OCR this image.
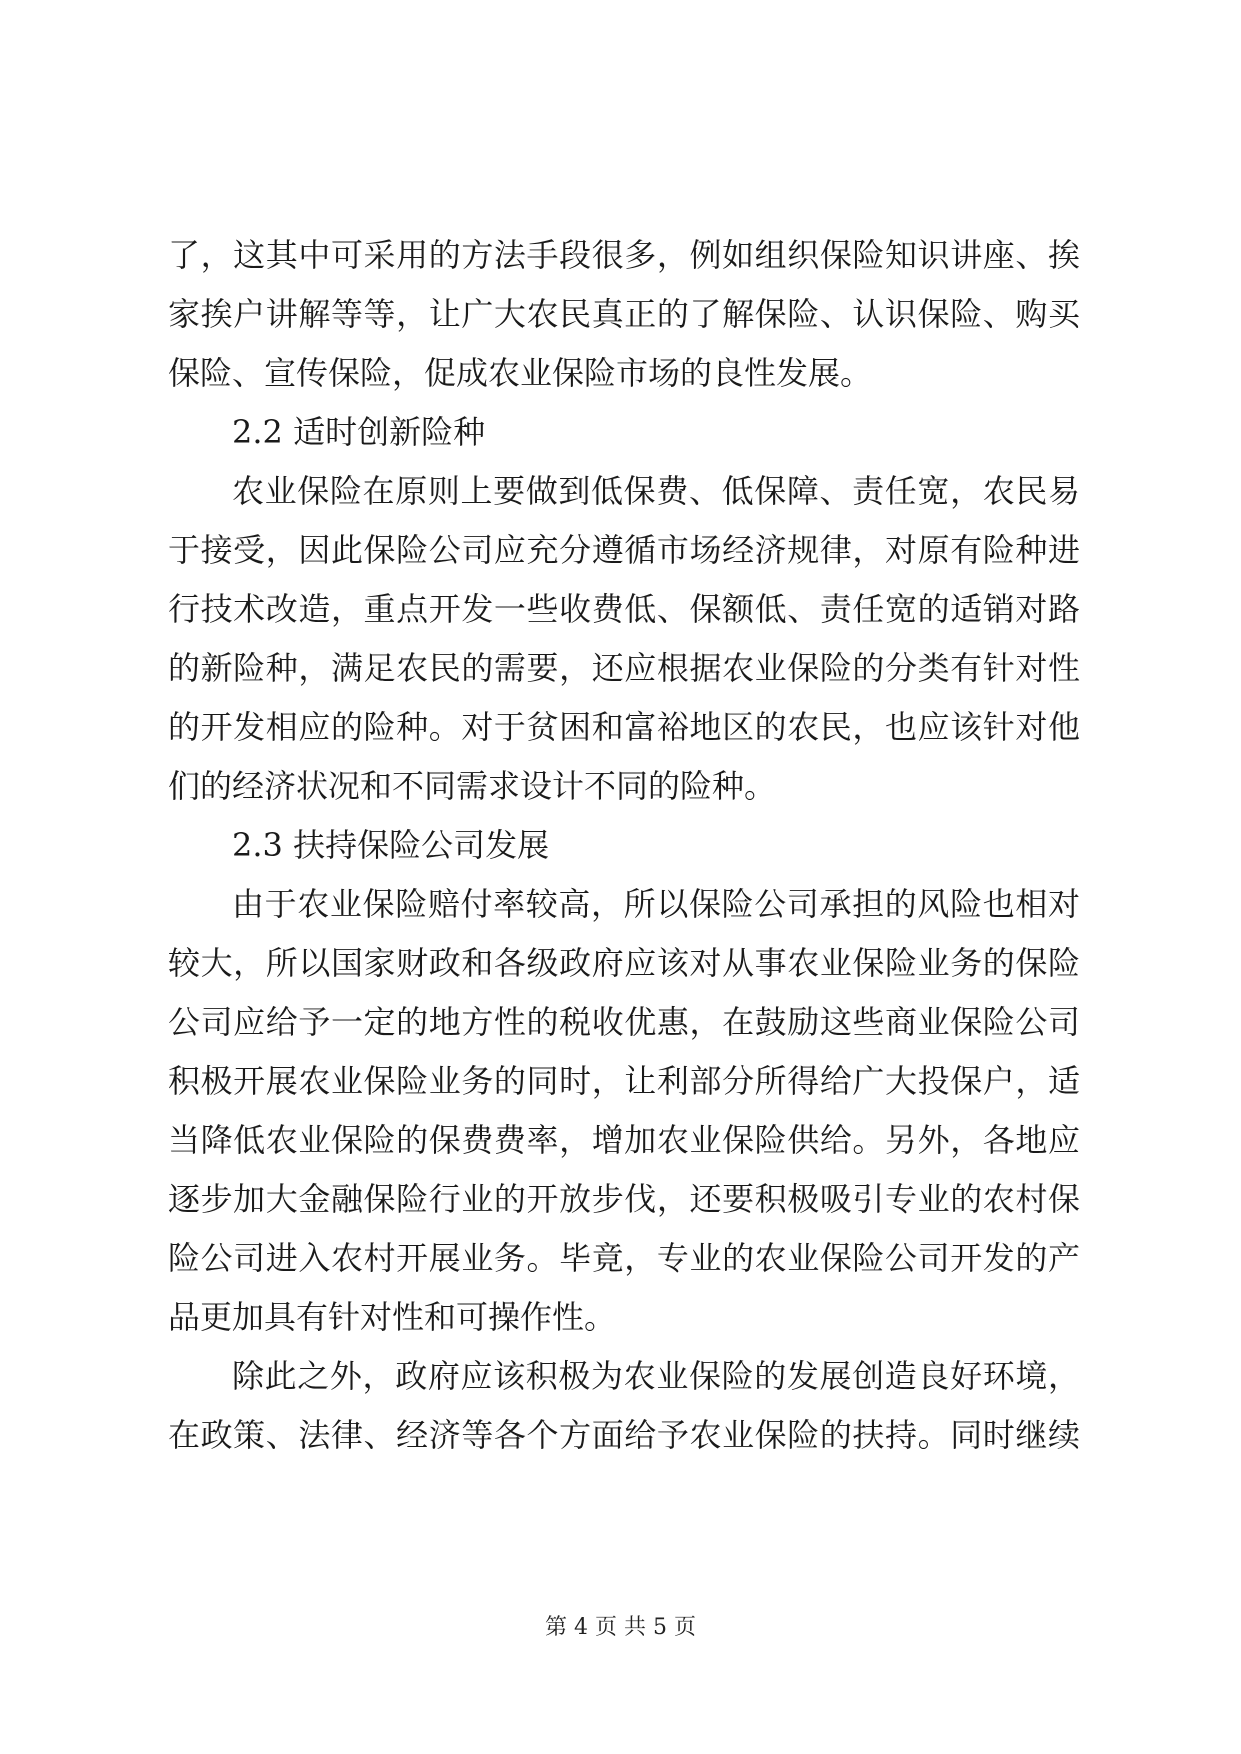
了，这其中可采用的方法手段很多，例如组织保险知识讲座、挨
家挨户讲解等等，让广大农民真正的了解保险、认识保险、购买
保险、宣传保险，促成农业保险市场的良性发展。
2.2 适时创新险种
农业保险在原则上要做到低保费、低保障、责任宽，农民易
于接受，因此保险公司应充分遵循市场经济规律，对原有险种进
行技术改造，重点开发一些收费低、保额低、责任宽的适销对路
的新险种，满足农民的需要，还应根据农业保险的分类有针对性
的开发相应的险种。对于贫困和富裕地区的农民，也应该针对他
们的经济状况和不同需求设计不同的险种。
2.3 扶持保险公司发展
由于农业保险赔付率较高，所以保险公司承担的风险也相对
较大，所以国家财政和各级政府应该对从事农业保险业务的保险
公司应给予一定的地方性的税收优惠，在鼓励这些商业保险公司
积极开展农业保险业务的同时，让利部分所得给广大投保户，适
当降低农业保险的保费费率，增加农业保险供给。另外，各地应
逐步加大金融保险行业的开放步伐，还要积极吸引专业的农村保
险公司进入农村开展业务。毕竟，专业的农业保险公司开发的产
品更加具有针对性和可操作性。
除此之外，政府应该积极为农业保险的发展创造良好环境，
在政策、法律、经济等各个方面给予农业保险的扶持。同时继续
第 4 页 共 5 页
